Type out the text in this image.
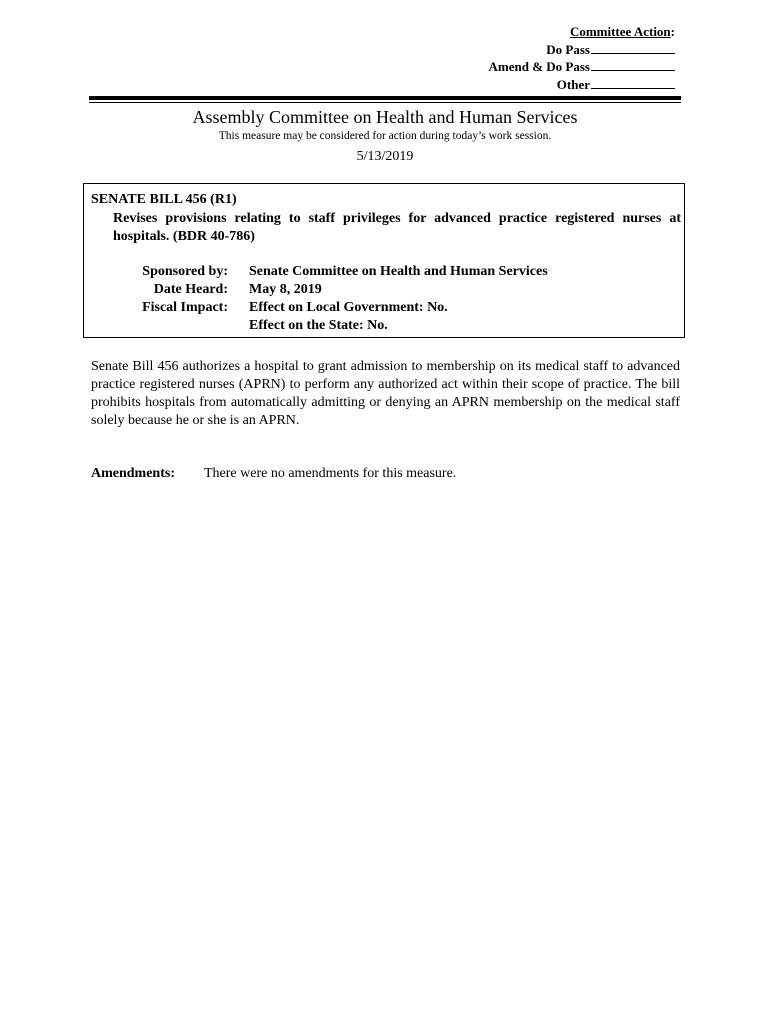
Committee Action:
Do Pass
Amend & Do Pass
Other
Assembly Committee on Health and Human Services
This measure may be considered for action during today’s work session.
5/13/2019
SENATE BILL 456 (R1)
Revises provisions relating to staff privileges for advanced practice registered nurses at hospitals. (BDR 40-786)
Sponsored by: Senate Committee on Health and Human Services
Date Heard: May 8, 2019
Fiscal Impact: Effect on Local Government: No.
Effect on the State: No.
Senate Bill 456 authorizes a hospital to grant admission to membership on its medical staff to advanced practice registered nurses (APRN) to perform any authorized act within their scope of practice. The bill prohibits hospitals from automatically admitting or denying an APRN membership on the medical staff solely because he or she is an APRN.
Amendments: There were no amendments for this measure.
